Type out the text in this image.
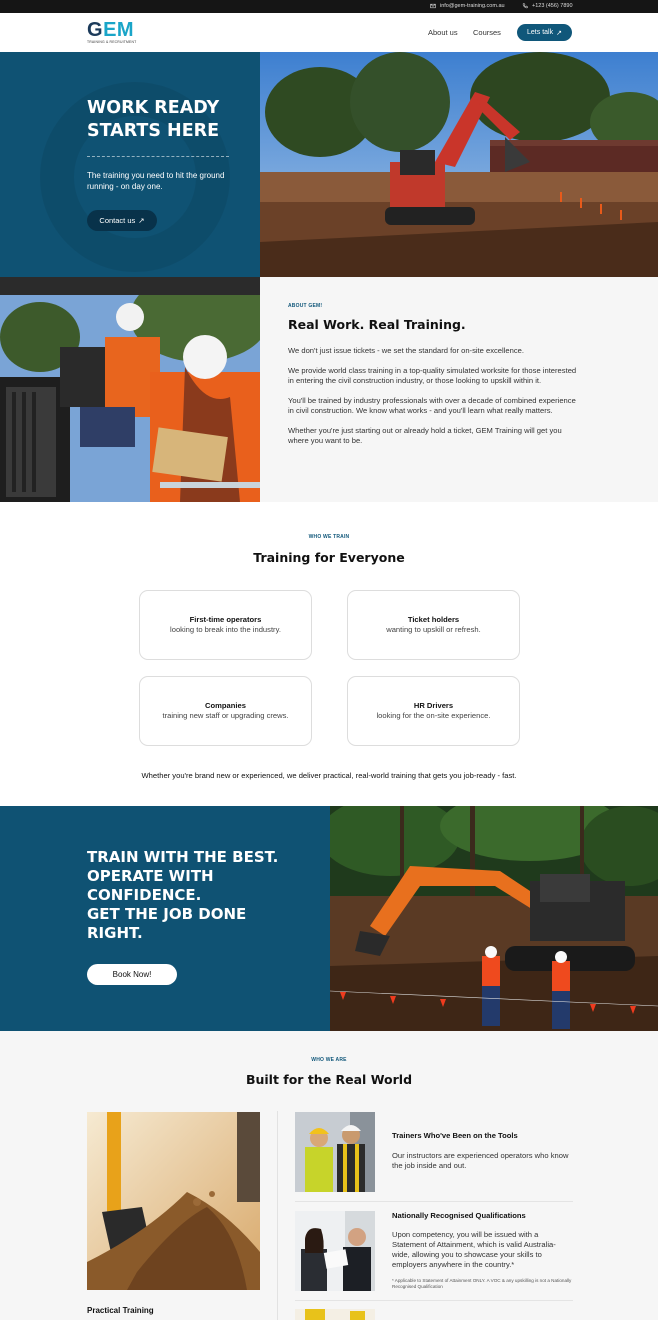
info@gem-training.com.au	+123 (456) 7890
GEM
TRAINING & RECRUITMENT
About us Courses	Lets talk ↗
WORK READY
STARTS HERE

The training you need to hit the ground running - on day one.

Contact us ↗
ABOUT GEM!
Real Work. Real Training.

We don't just issue tickets - we set the standard for on-site excellence.

We provide world class training in a top-quality simulated worksite for those interested in entering the civil construction industry, or those looking to upskill within it.

You'll be trained by industry professionals with over a decade of combined experience in civil construction. We know what works - and you'll learn what really matters.

Whether you're just starting out or already hold a ticket, GEM Training will get you where you want to be.

WHO WE TRAIN
Training for Everyone
First-time operators
looking to break into the industry.
Ticket holders
wanting to upskill or refresh.
Companies
training new staff or upgrading crews.
HR Drivers
looking for the on-site experience.
Whether you're brand new or experienced, we deliver practical, real-world training that gets you job-ready - fast.
TRAIN WITH THE BEST.
OPERATE WITH
CONFIDENCE.
GET THE JOB DONE
RIGHT.
Book Now!
WHO WE ARE
Built for the Real World
Practical Training
Trainers Who've Been on the Tools
Our instructors are experienced operators who know the job inside and out.
Nationally Recognised Qualifications
Upon competency, you will be issued with a Statement of Attainment, which is valid Australia-wide, allowing you to showcase your skills to employers anywhere in the country.*
* Applicable to Statement of Attainment ONLY. A VOC & any upskilling is not a Nationally Recognised Qualification
